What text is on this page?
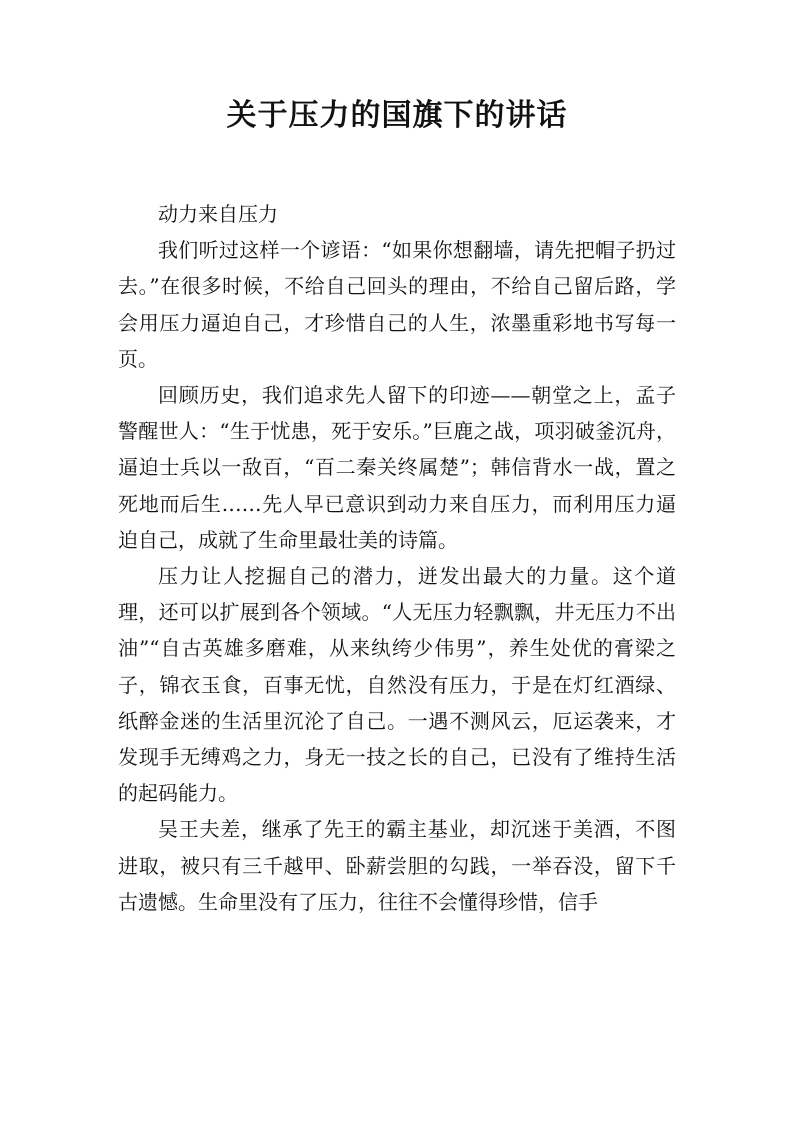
关于压力的国旗下的讲话

动力来自压力

我们听过这样一个谚语：“如果你想翻墙，请先把帽子扔过去。”在很多时候，不给自己回头的理由，不给自己留后路，学会用压力逼迫自己，才珍惜自己的人生，浓墨重彩地书写每一页。

回顾历史，我们追求先人留下的印迹——朝堂之上，孟子警醒世人：“生于忧患，死于安乐。”巨鹿之战，项羽破釜沉舟，逼迫士兵以一敌百，“百二秦关终属楚”；韩信背水一战，置之死地而后生……先人早已意识到动力来自压力，而利用压力逼迫自己，成就了生命里最壮美的诗篇。

压力让人挖掘自己的潜力，迸发出最大的力量。这个道理，还可以扩展到各个领域。“人无压力轻飘飘，井无压力不出油”“自古英雄多磨难，从来纨绔少伟男”，养生处优的膏梁之子，锦衣玉食，百事无忧，自然没有压力，于是在灯红酒绿、纸醉金迷的生活里沉沦了自己。一遇不测风云，厄运袭来，才发现手无缚鸡之力，身无一技之长的自己，已没有了维持生活的起码能力。

吴王夫差，继承了先王的霸主基业，却沉迷于美酒，不图进取，被只有三千越甲、卧薪尝胆的勾践，一举吞没，留下千古遗憾。生命里没有了压力，往往不会懂得珍惜，信手
